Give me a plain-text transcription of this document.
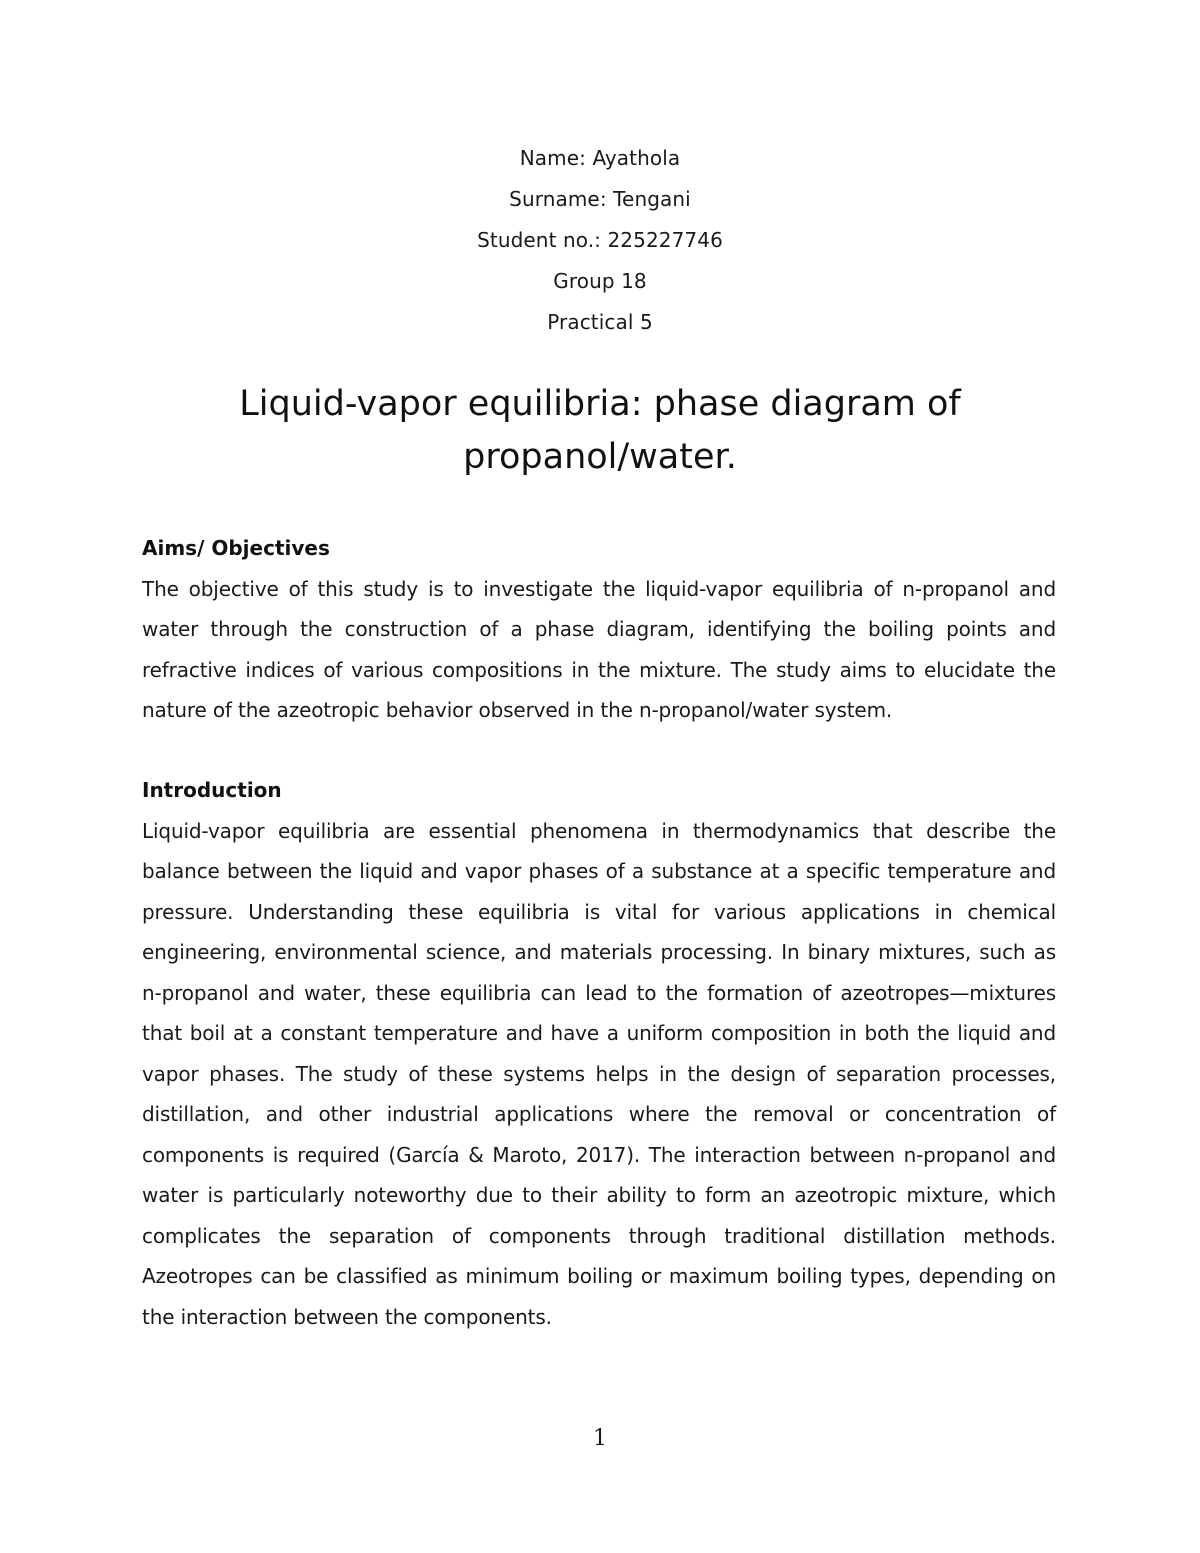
Name: Ayathola

Surname: Tengani

Student no.: 225227746

Group 18

Practical 5

Liquid-vapor equilibria: phase diagram of propanol/water.
Aims/ Objectives

The objective of this study is to investigate the liquid-vapor equilibria of n-propanol and water through the construction of a phase diagram, identifying the boiling points and refractive indices of various compositions in the mixture. The study aims to elucidate the nature of the azeotropic behavior observed in the n-propanol/water system.

Introduction

Liquid-vapor equilibria are essential phenomena in thermodynamics that describe the balance between the liquid and vapor phases of a substance at a specific temperature and pressure. Understanding these equilibria is vital for various applications in chemical engineering, environmental science, and materials processing. In binary mixtures, such as n-propanol and water, these equilibria can lead to the formation of azeotropes—mixtures that boil at a constant temperature and have a uniform composition in both the liquid and vapor phases. The study of these systems helps in the design of separation processes, distillation, and other industrial applications where the removal or concentration of components is required (García & Maroto, 2017). The interaction between n-propanol and water is particularly noteworthy due to their ability to form an azeotropic mixture, which complicates the separation of components through traditional distillation methods. Azeotropes can be classified as minimum boiling or maximum boiling types, depending on the interaction between the components.

1
